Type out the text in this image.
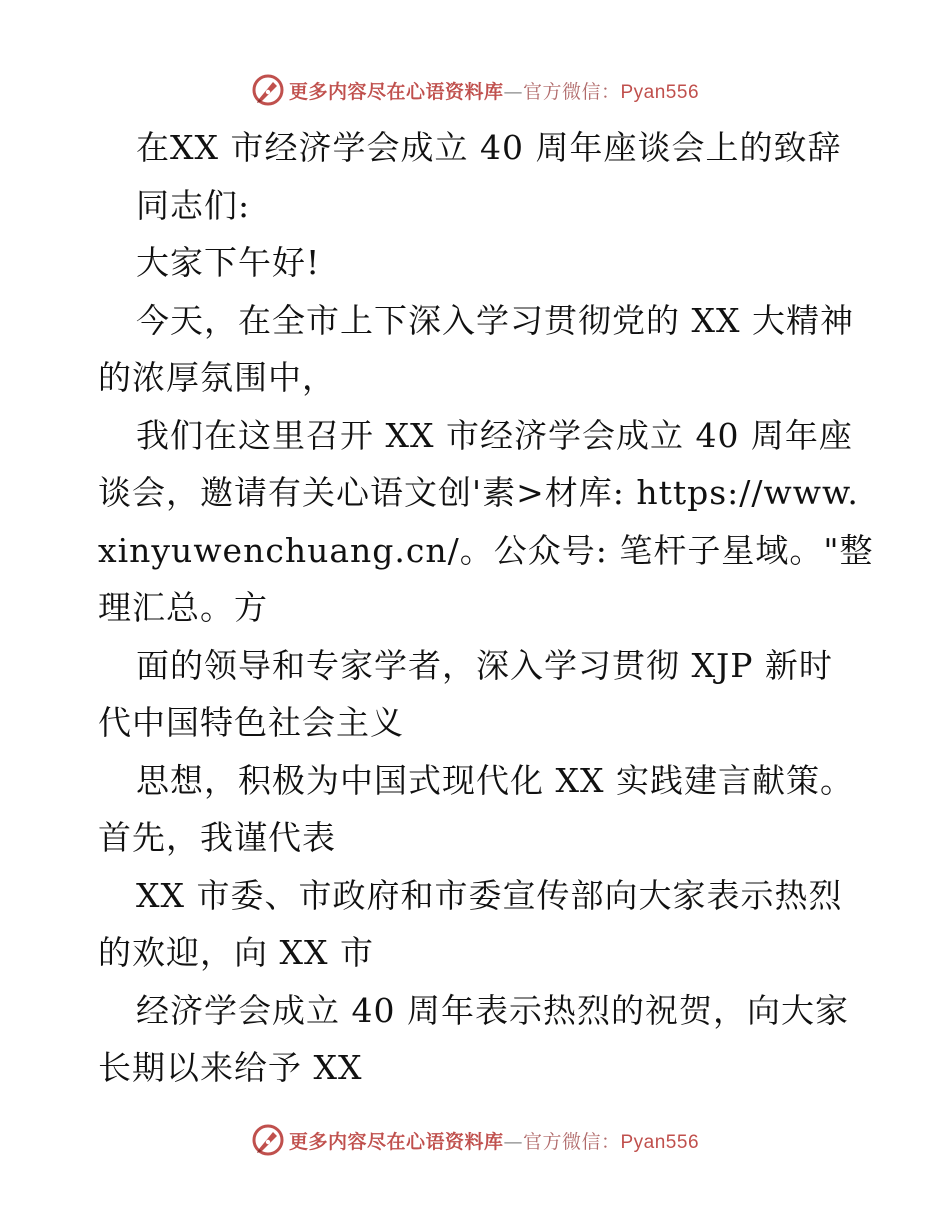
更多内容尽在心语资料库—官方微信：Pyan556
在XX 市经济学会成立 40 周年座谈会上的致辞
同志们:
大家下午好!
今天，在全市上下深入学习贯彻党的 XX 大精神
的浓厚氛围中，
我们在这里召开 XX 市经济学会成立 40 周年座
谈会，邀请有关心语文创'素>材库: https://www.
xinyuwenchuang.cn/。公众号: 笔杆子星域。"整
理汇总。方
面的领导和专家学者，深入学习贯彻 XJP 新时
代中国特色社会主义
思想，积极为中国式现代化 XX 实践建言献策。
首先，我谨代表
XX 市委、市政府和市委宣传部向大家表示热烈
的欢迎，向 XX 市
经济学会成立 40 周年表示热烈的祝贺，向大家
长期以来给予 XX
更多内容尽在心语资料库—官方微信：Pyan556
